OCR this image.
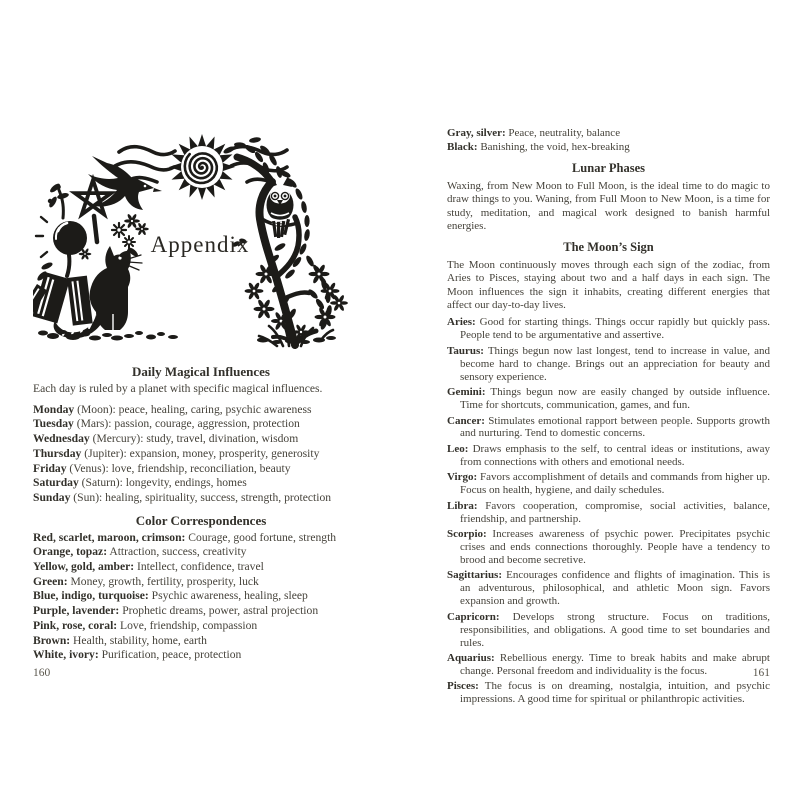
Appendix

Daily Magical Influences

Each day is ruled by a planet with specific magical influences.

Monday (Moon): peace, healing, caring, psychic awareness

Tuesday (Mars): passion, courage, aggression, protection

Wednesday (Mercury): study, travel, divination, wisdom

Thursday (Jupiter): expansion, money, prosperity, generosity

Friday (Venus): love, friendship, reconciliation, beauty

Saturday (Saturn): longevity, endings, homes

Sunday (Sun): healing, spirituality, success, strength, protection

Color Correspondences

Red, scarlet, maroon, crimson: Courage, good fortune, strength

Orange, topaz: Attraction, success, creativity

Yellow, gold, amber: Intellect, confidence, travel

Green: Money, growth, fertility, prosperity, luck

Blue, indigo, turquoise: Psychic awareness, healing, sleep

Purple, lavender: Prophetic dreams, power, astral projection

Pink, rose, coral: Love, friendship, compassion

Brown: Health, stability, home, earth

White, ivory: Purification, peace, protection

Gray, silver: Peace, neutrality, balance

Black: Banishing, the void, hex-breaking

Lunar Phases

Waxing, from New Moon to Full Moon, is the ideal time to do magic to draw things to you. Waning, from Full Moon to New Moon, is a time for study, meditation, and magical work designed to banish harmful energies.

The Moon’s Sign

The Moon continuously moves through each sign of the zodiac, from Aries to Pisces, staying about two and a half days in each sign. The Moon influences the sign it inhabits, creating different energies that affect our day-to-day lives.

Aries: Good for starting things. Things occur rapidly but quickly pass. People tend to be argumentative and assertive.

Taurus: Things begun now last longest, tend to increase in value, and become hard to change. Brings out an appreciation for beauty and sensory experience.

Gemini: Things begun now are easily changed by outside influence. Time for shortcuts, communication, games, and fun.

Cancer: Stimulates emotional rapport between people. Supports growth and nurturing. Tend to domestic concerns.

Leo: Draws emphasis to the self, to central ideas or institutions, away from connections with others and emotional needs.

Virgo: Favors accomplishment of details and commands from higher up. Focus on health, hygiene, and daily schedules.

Libra: Favors cooperation, compromise, social activities, balance, friendship, and partnership.

Scorpio: Increases awareness of psychic power. Precipitates psychic crises and ends connections thoroughly. People have a tendency to brood and become secretive.

Sagittarius: Encourages confidence and flights of imagination. This is an adventurous, philosophical, and athletic Moon sign. Favors expansion and growth.

Capricorn: Develops strong structure. Focus on traditions, responsibilities, and obligations. A good time to set boundaries and rules.

Aquarius: Rebellious energy. Time to break habits and make abrupt change. Personal freedom and individuality is the focus.

Pisces: The focus is on dreaming, nostalgia, intuition, and psychic impressions. A good time for spiritual or philanthropic activities.

160	161
